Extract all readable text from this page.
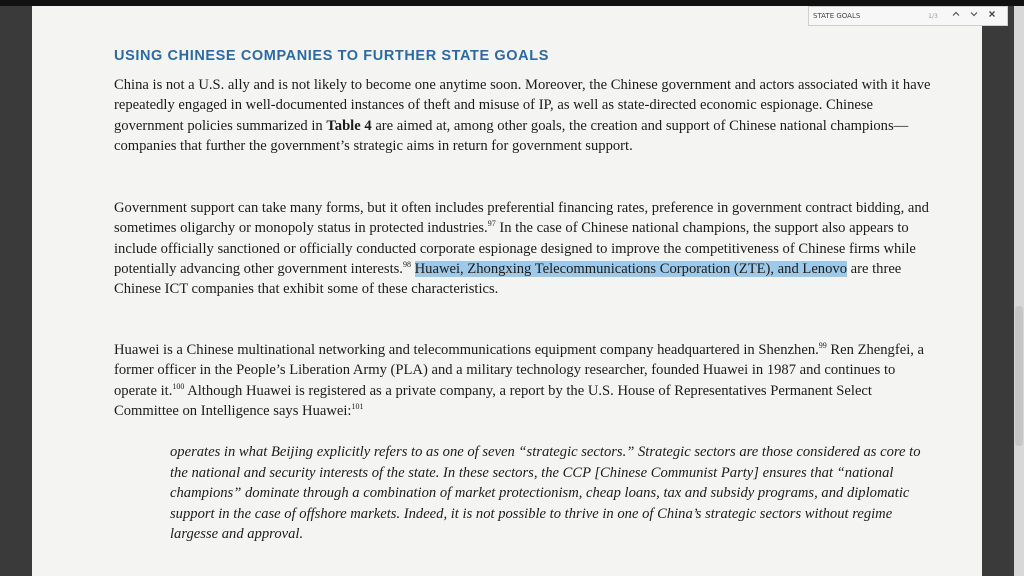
USING CHINESE COMPANIES TO FURTHER STATE GOALS

China is not a U.S. ally and is not likely to become one anytime soon. Moreover, the Chinese government and actors associated with it have repeatedly engaged in well-documented instances of theft and misuse of IP, as well as state-directed economic espionage. Chinese government policies summarized in Table 4 are aimed at, among other goals, the creation and support of Chinese national champions—companies that further the government’s strategic aims in return for government support.

Government support can take many forms, but it often includes preferential financing rates, preference in government contract bidding, and sometimes oligarchy or monopoly status in protected industries.$^{97}$ In the case of Chinese national champions, the support also appears to include officially sanctioned or officially conducted corporate espionage designed to improve the competitiveness of Chinese firms while potentially advancing other government interests.$^{98}$ Huawei, Zhongxing Telecommunications Corporation (ZTE), and Lenovo are three Chinese ICT companies that exhibit some of these characteristics.

Huawei is a Chinese multinational networking and telecommunications equipment company headquartered in Shenzhen.$^{99}$ Ren Zhengfei, a former officer in the People’s Liberation Army (PLA) and a military technology researcher, founded Huawei in 1987 and continues to operate it.$^{100}$ Although Huawei is registered as a private company, a report by the U.S. House of Representatives Permanent Select Committee on Intelligence says Huawei:$^{101}$

operates in what Beijing explicitly refers to as one of seven “strategic sectors.” Strategic sectors are those considered as core to the national and security interests of the state. In these sectors, the CCP [Chinese Communist Party] ensures that “national champions” dominate through a combination of market protectionism, cheap loans, tax and subsidy programs, and diplomatic support in the case of offshore markets. Indeed, it is not possible to thrive in one of China’s strategic sectors without regime largesse and approval.

STATE GOALS
1/3
